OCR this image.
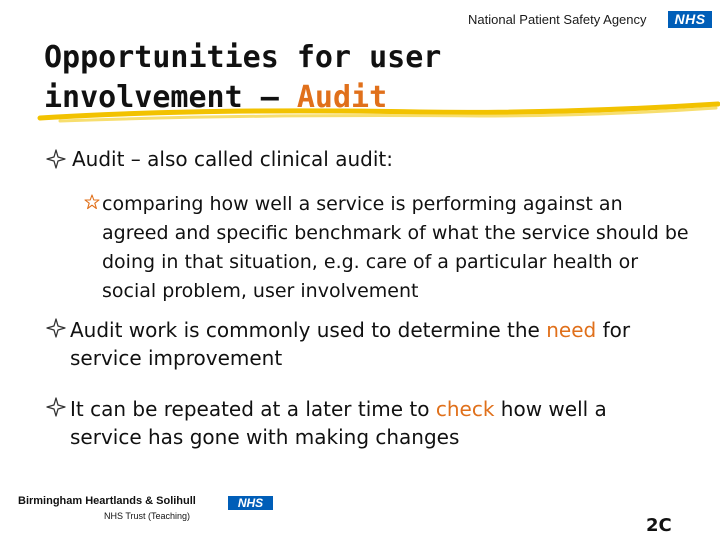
National Patient Safety Agency	NHS
Opportunities for user
involvement – Audit
Audit – also called clinical audit:
comparing how well a service is performing against an agreed and specific benchmark of what the service should be doing in that situation, e.g. care of a particular health or social problem, user involvement
Audit work is commonly used to determine the need for service improvement
It can be repeated at a later time to check how well a service has gone with making changes
Birmingham Heartlands & Solihull
NHS Trust (Teaching)
NHS
2C
